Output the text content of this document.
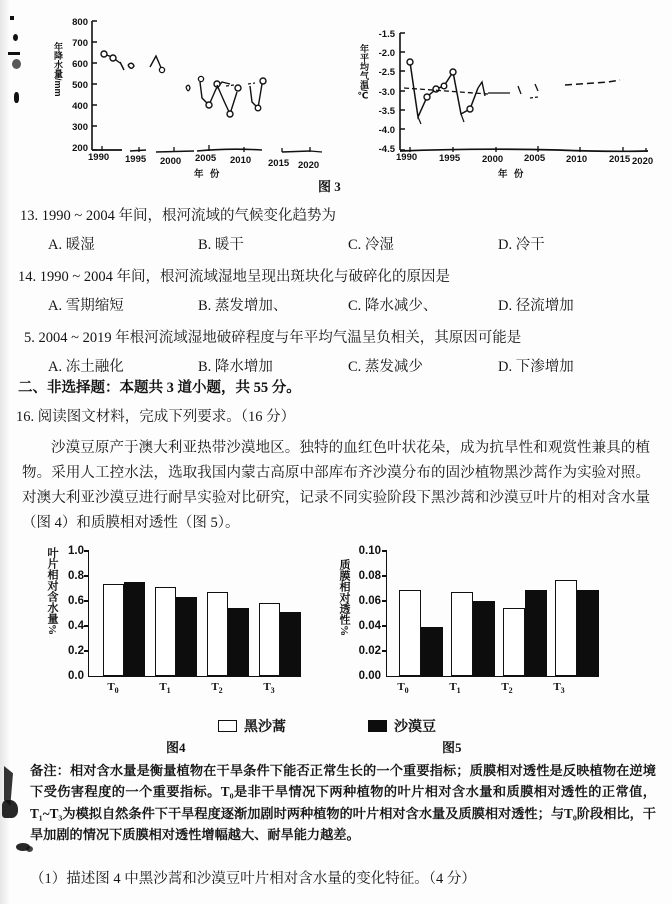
年降水量/mm
800
700
600
500
400
300
200
1990 1995 2000 2005 2010 2015 2020
年 份
年平均气温/℃
-1.5
-2.0
-2.5
-3.0
-3.5
-4.0
-4.5
1990 1995 2000 2005 2010 2015 2020
年 份
图 3
13. 1990 ~ 2004 年间，根河流域的气候变化趋势为
A. 暖湿	B. 暖干	C. 冷湿	D. 冷干
14. 1990 ~ 2004 年间，根河流域湿地呈现出斑块化与破碎化的原因是
A. 雪期缩短	B. 蒸发增加、	C. 降水减少、	D. 径流增加
5. 2004 ~ 2019 年根河流域湿地破碎程度与年平均气温呈负相关，其原因可能是
A. 冻土融化	B. 降水增加	C. 蒸发减少	D. 下渗增加
二、非选择题：本题共 3 道小题，共 55 分。
16. 阅读图文材料，完成下列要求。（16 分）
沙漠豆原产于澳大利亚热带沙漠地区。独特的血红色叶状花朵，成为抗旱性和观赏性兼具的植物。采用人工控水法，选取我国内蒙古高原中部库布齐沙漠分布的固沙植物黑沙蒿作为实验对照。对澳大利亚沙漠豆进行耐旱实验对比研究，记录不同实验阶段下黑沙蒿和沙漠豆叶片的相对含水量（图 4）和质膜相对透性（图 5）。
叶片相对含水量% 1.0
0.8
0.6
0.4
0.2
0.0
$T_0$	$T_1$	$T_2$	$T_3$
质膜相对透性%
0.10
0.08
0.06
0.04
0.02
0.00
$T_0$	$T_1$	$T_2$	$T_3$
黑沙蒿	沙漠豆
图4	图5
备注：相对含水量是衡量植物在干旱条件下能否正常生长的一个重要指标；质膜相对透性是反映植物在逆境下受伤害程度的一个重要指标。T₀是非干旱情况下两种植物的叶片相对含水量和质膜相对透性的正常值，T₁~T₃为模拟自然条件下干旱程度逐渐加剧时两种植物的叶片相对含水量及质膜相对透性；与T₀阶段相比，干旱加剧的情况下质膜相对透性增幅越大、耐旱能力越差。
（1）描述图 4 中黑沙蒿和沙漠豆叶片相对含水量的变化特征。（4 分）
